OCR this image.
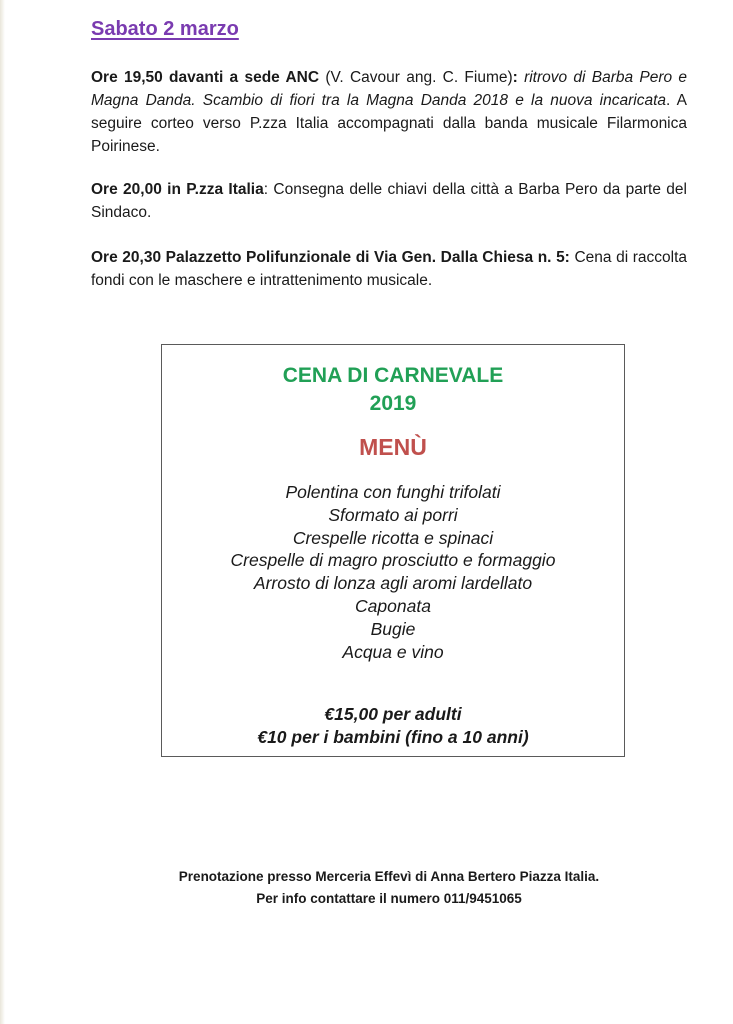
Sabato 2 marzo

Ore 19,50 davanti a sede ANC (V. Cavour ang. C. Fiume): ritrovo di Barba Pero e Magna Danda. Scambio di fiori tra la Magna Danda 2018 e la nuova incaricata. A seguire corteo verso P.zza Italia accompagnati dalla banda musicale Filarmonica Poirinese.

Ore 20,00 in P.zza Italia: Consegna delle chiavi della città a Barba Pero da parte del Sindaco.

Ore 20,30 Palazzetto Polifunzionale di Via Gen. Dalla Chiesa n. 5: Cena di raccolta fondi con le maschere e intrattenimento musicale.

CENA DI CARNEVALE

2019

MENÙ

Polentina con funghi trifolati
Sformato ai porri
Crespelle ricotta e spinaci
Crespelle di magro prosciutto e formaggio
Arrosto di lonza agli aromi lardellato
Caponata
Bugie
Acqua e vino

€15,00 per adulti

€10 per i bambini (fino a 10 anni)

Prenotazione presso Merceria Effevì di Anna Bertero Piazza Italia.

Per info contattare il numero 011/9451065
